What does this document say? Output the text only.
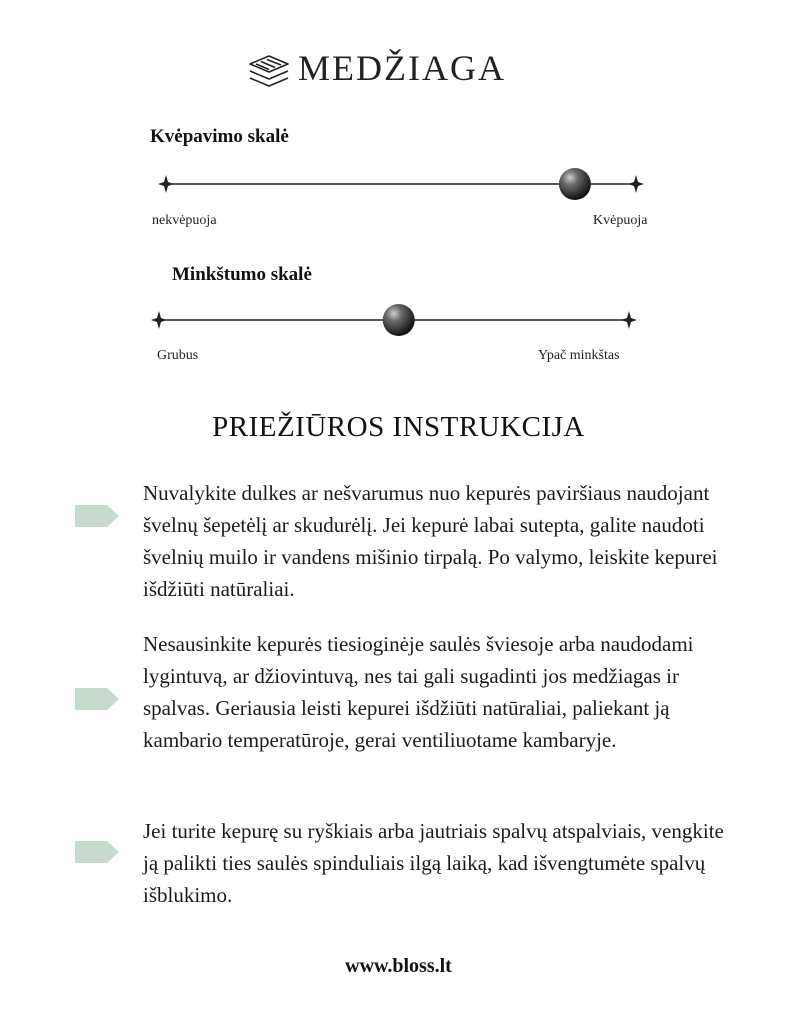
MEDŽIAGA
Kvėpavimo skalė
nekvėpuoja	Kvėpuoja
Minkštumo skalė
Grubus	Ypač minkštas
PRIEŽIŪROS INSTRUKCIJA

Nuvalykite dulkes ar nešvarumus nuo kepurės paviršiaus naudojant švelnų šepetėlį ar skudurėlį. Jei kepurė labai sutepta, galite naudoti švelnių muilo ir vandens mišinio tirpalą. Po valymo, leiskite kepurei išdžiūti natūraliai.

Nesausinkite kepurės tiesioginėje saulės šviesoje arba naudodami lygintuvą, ar džiovintuvą, nes tai gali sugadinti jos medžiagas ir spalvas. Geriausia leisti kepurei išdžiūti natūraliai, paliekant ją kambario temperatūroje, gerai ventiliuotame kambaryje.

Jei turite kepurę su ryškiais arba jautriais spalvų atspalviais, vengkite ją palikti ties saulės spinduliais ilgą laiką, kad išvengtumėte spalvų išblukimo.

www.bloss.lt
